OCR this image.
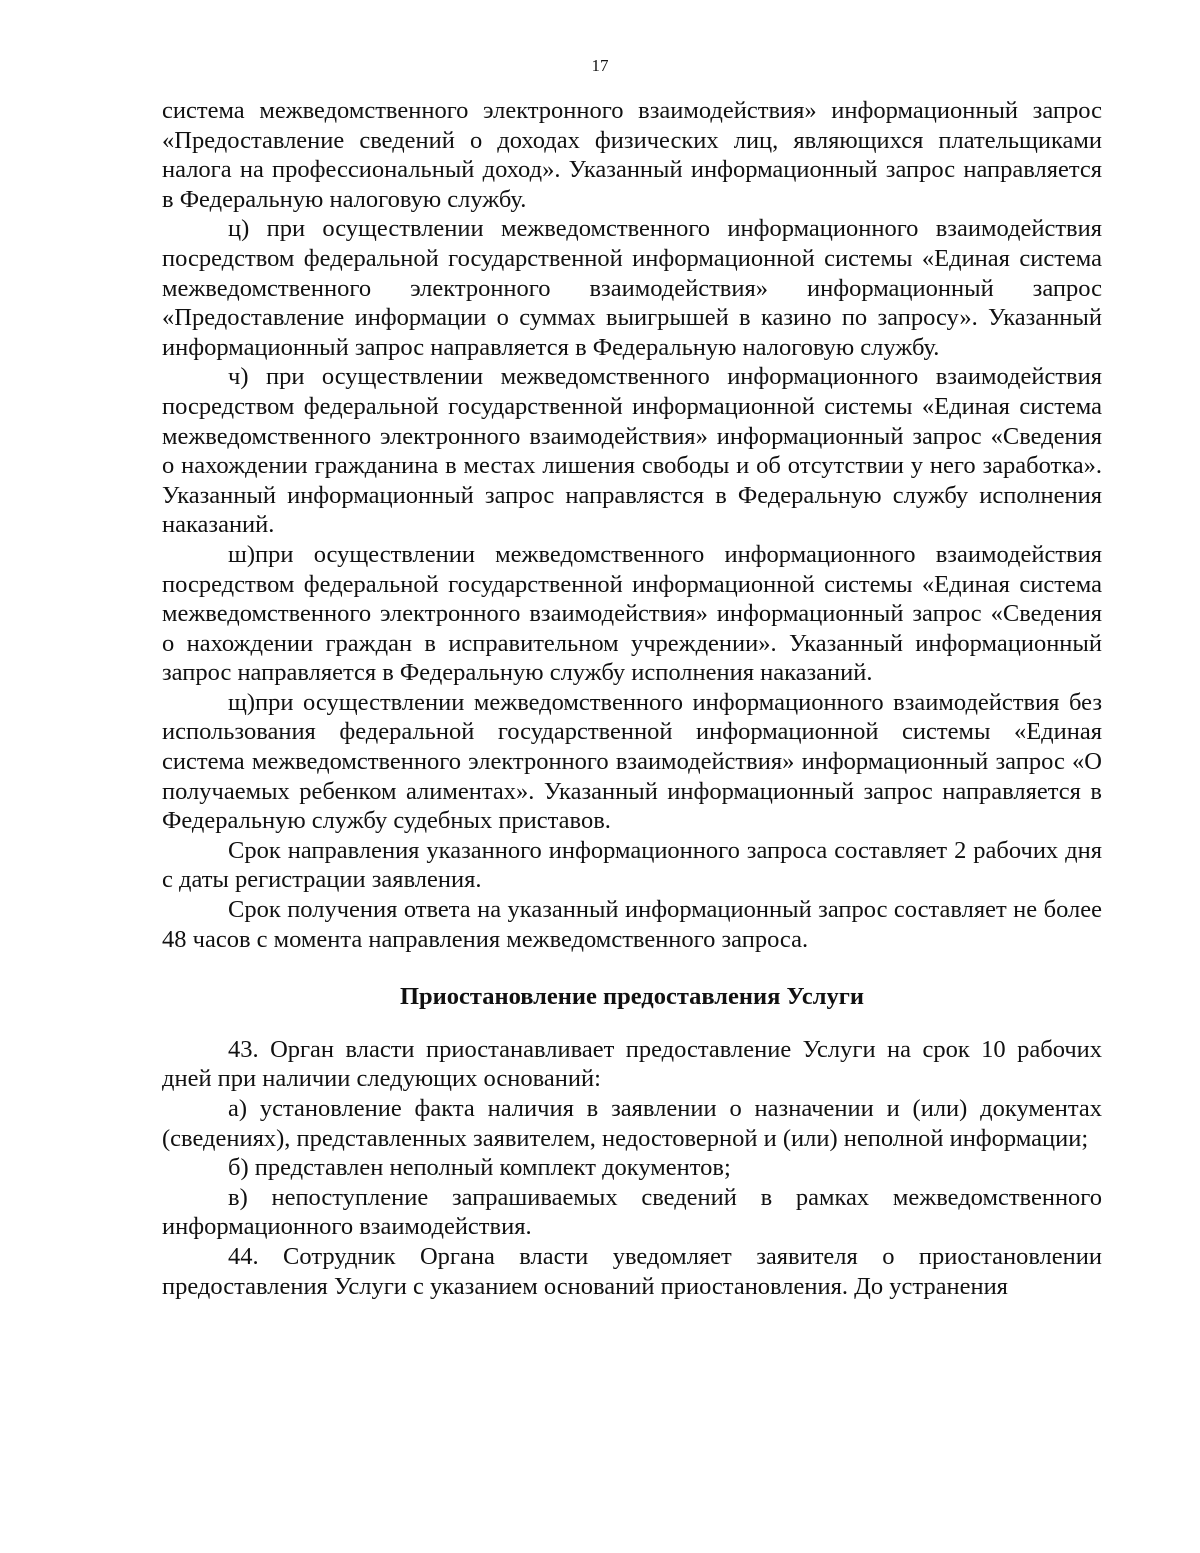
17

система межведомственного электронного взаимодействия» информационный запрос «Предоставление сведений о доходах физических лиц, являющихся плательщиками налога на профессиональный доход». Указанный информационный запрос направляется в Федеральную налоговую службу.

ц) при осуществлении межведомственного информационного взаимодействия посредством федеральной государственной информационной системы «Единая система межведомственного электронного взаимодействия» информационный запрос «Предоставление информации о суммах выигрышей в казино по запросу». Указанный информационный запрос направляется в Федеральную налоговую службу.

ч) при осуществлении межведомственного информационного взаимодействия посредством федеральной государственной информационной системы «Единая система межведомственного электронного взаимодействия» информационный запрос «Сведения о нахождении гражданина в местах лишения свободы и об отсутствии у него заработка». Указанный информационный запрос направлястся в Федеральную службу исполнения наказаний.

ш)при осуществлении межведомственного информационного взаимодействия посредством федеральной государственной информационной системы «Единая система межведомственного электронного взаимодействия» информационный запрос «Сведения о нахождении граждан в исправительном учреждении». Указанный информационный запрос направляется в Федеральную службу исполнения наказаний.

щ)при осуществлении межведомственного информационного взаимодействия без использования федеральной государственной информационной системы «Единая система межведомственного электронного взаимодействия» информационный запрос «О получаемых ребенком алиментах». Указанный информационный запрос направляется в Федеральную службу судебных приставов.

Срок направления указанного информационного запроса составляет 2 рабочих дня с даты регистрации заявления.

Срок получения ответа на указанный информационный запрос составляет не более 48 часов с момента направления межведомственного запроса.

Приостановление предоставления Услуги

43. Орган власти приостанавливает предоставление Услуги на срок 10 рабочих дней при наличии следующих оснований:

а) установление факта наличия в заявлении о назначении и (или) документах (сведениях), представленных заявителем, недостоверной и (или) неполной информации;

б) представлен неполный комплект документов;

в) непоступление запрашиваемых сведений в рамках межведомственного информационного взаимодействия.

44. Сотрудник Органа власти уведомляет заявителя о приостановлении предоставления Услуги с указанием оснований приостановления. До устранения
